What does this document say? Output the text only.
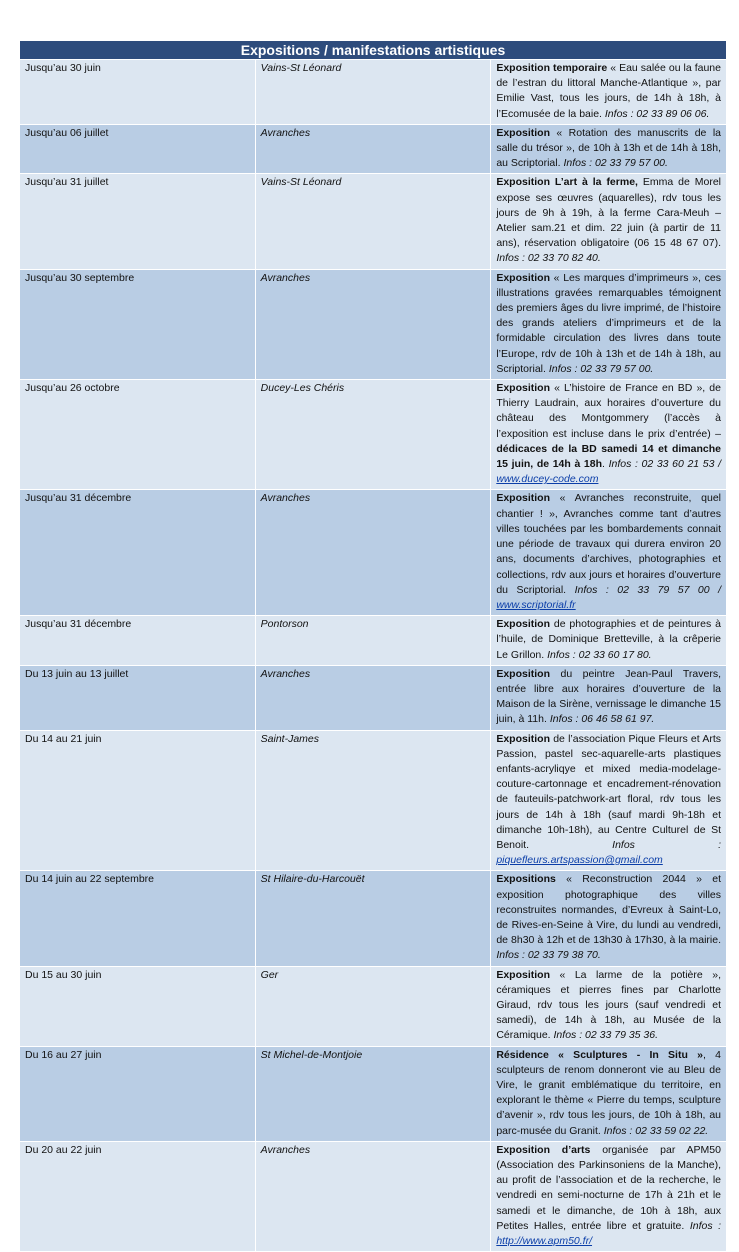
Expositions / manifestations artistiques		
Jusqu’au 30 juin	Vains-St Léonard	Exposition temporaire « Eau salée ou la faune de l’estran du littoral Manche-Atlantique », par Emilie Vast, tous les jours, de 14h à 18h, à l’Ecomusée de la baie. Infos : 02 33 89 06 06.
Jusqu’au 06 juillet	Avranches	Exposition « Rotation des manuscrits de la salle du trésor », de 10h à 13h et de 14h à 18h, au Scriptorial. Infos : 02 33 79 57 00.
Jusqu’au 31 juillet	Vains-St Léonard	Exposition L’art à la ferme, Emma de Morel expose ses œuvres (aquarelles), rdv tous les jours de 9h à 19h, à la ferme Cara-Meuh – Atelier sam.21 et dim. 22 juin (à partir de 11 ans), réservation obligatoire (06 15 48 67 07). Infos : 02 33 70 82 40.
Jusqu’au 30 septembre	Avranches	Exposition « Les marques d’imprimeurs », ces illustrations gravées remarquables témoignent des premiers âges du livre imprimé, de l’histoire des grands ateliers d’imprimeurs et de la formidable circulation des livres dans toute l’Europe, rdv de 10h à 13h et de 14h à 18h, au Scriptorial. Infos : 02 33 79 57 00.
Jusqu’au 26 octobre	Ducey-Les Chéris	Exposition « L’histoire de France en BD », de Thierry Laudrain, aux horaires d’ouverture du château des Montgommery (l’accès à l’exposition est incluse dans le prix d’entrée) – dédicaces de la BD samedi 14 et dimanche 15 juin, de 14h à 18h. Infos : 02 33 60 21 53 / www.ducey-code.com
Jusqu’au 31 décembre	Avranches	Exposition « Avranches reconstruite, quel chantier ! », Avranches comme tant d’autres villes touchées par les bombardements connait une période de travaux qui durera environ 20 ans, documents d’archives, photographies et collections, rdv aux jours et horaires d’ouverture du Scriptorial. Infos : 02 33 79 57 00 / www.scriptorial.fr
Jusqu’au 31 décembre	Pontorson	Exposition de photographies et de peintures à l’huile, de Dominique Bretteville, à la crêperie Le Grillon. Infos : 02 33 60 17 80.
Du 13 juin au 13 juillet	Avranches	Exposition du peintre Jean-Paul Travers, entrée libre aux horaires d’ouverture de la Maison de la Sirène, vernissage le dimanche 15 juin, à 11h. Infos : 06 46 58 61 97.
Du 14 au 21 juin	Saint-James	Exposition de l’association Pique Fleurs et Arts Passion, pastel sec-aquarelle-arts plastiques enfants-acryliqye et mixed media-modelage-couture-cartonnage et encadrement-rénovation de fauteuils-patchwork-art floral, rdv tous les jours de 14h à 18h (sauf mardi 9h-18h et dimanche 10h-18h), au Centre Culturel de St Benoit. Infos : piquefleurs.artspassion@gmail.com
Du 14 juin au 22 septembre	St Hilaire-du-Harcouët	Expositions « Reconstruction 2044 » et exposition photographique des villes reconstruites normandes, d’Evreux à Saint-Lo, de Rives-en-Seine à Vire, du lundi au vendredi, de 8h30 à 12h et de 13h30 à 17h30, à la mairie. Infos : 02 33 79 38 70.
Du 15 au 30 juin	Ger	Exposition « La larme de la potière », céramiques et pierres fines par Charlotte Giraud, rdv tous les jours (sauf vendredi et samedi), de 14h à 18h, au Musée de la Céramique. Infos : 02 33 79 35 36.
Du 16 au 27 juin	St Michel-de-Montjoie	Résidence « Sculptures - In Situ », 4 sculpteurs de renom donneront vie au Bleu de Vire, le granit emblématique du territoire, en explorant le thème « Pierre du temps, sculpture d’avenir », rdv tous les jours, de 10h à 18h, au parc-musée du Granit. Infos : 02 33 59 02 22.
Du 20 au 22 juin	Avranches	Exposition d’arts organisée par APM50 (Association des Parkinsoniens de la Manche), au profit de l’association et de la recherche, le vendredi en semi-nocturne de 17h à 21h et le samedi et le dimanche, de 10h à 18h, aux Petites Halles, entrée libre et gratuite. Infos : http://www.apm50.fr/
